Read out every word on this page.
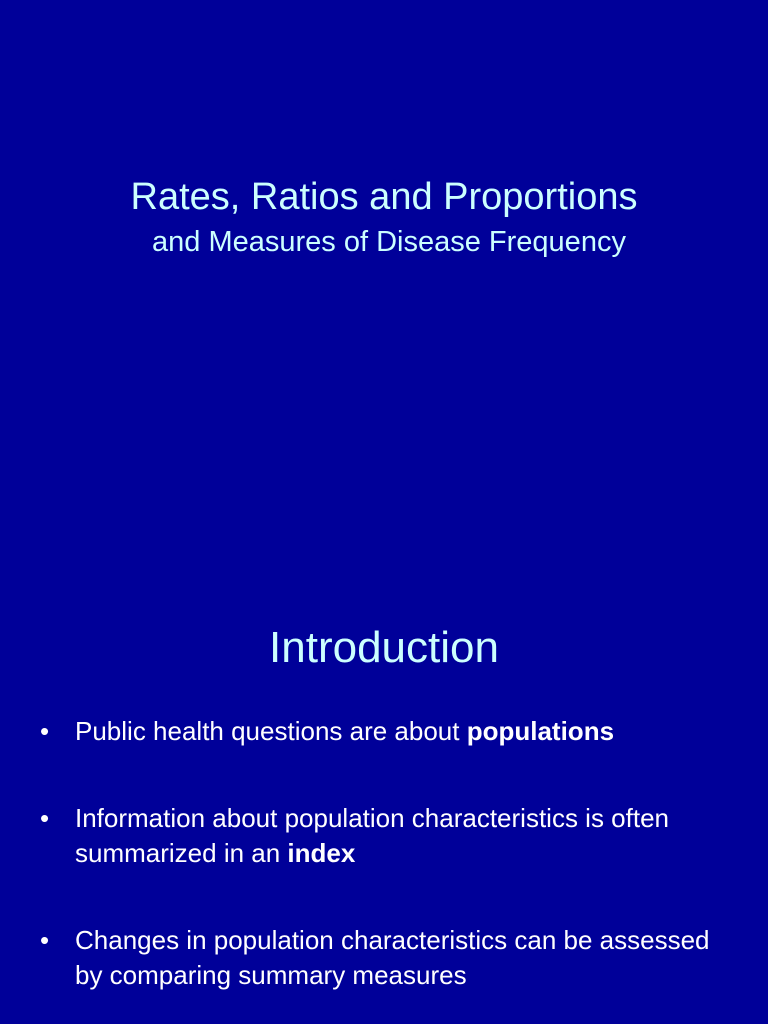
Rates, Ratios and Proportions
and Measures of Disease Frequency
Introduction
• Public health questions are about populations
• Information about population characteristics is often summarized in an index
• Changes in population characteristics can be assessed by comparing summary measures
